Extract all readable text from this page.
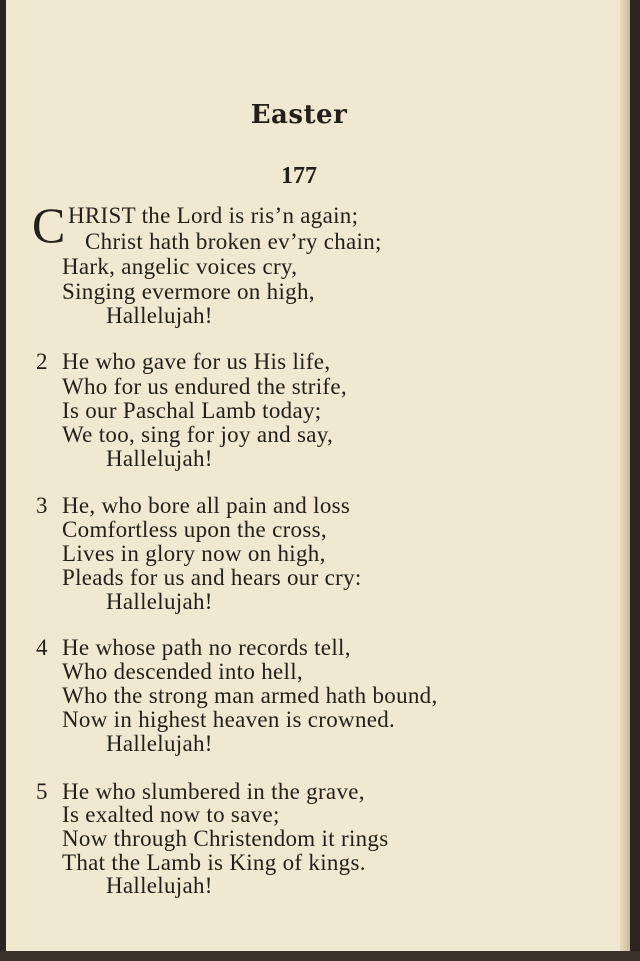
Easter
177
C HRIST the Lord is ris’n again;
Christ hath broken ev’ry chain;
Hark, angelic voices cry,
Singing evermore on high,
Hallelujah!
2 He who gave for us His life,
Who for us endured the strife,
Is our Paschal Lamb today;
We too, sing for joy and say,
Hallelujah!
3 He, who bore all pain and loss
Comfortless upon the cross,
Lives in glory now on high,
Pleads for us and hears our cry:
Hallelujah!
4 He whose path no records tell,
Who descended into hell,
Who the strong man armed hath bound,
Now in highest heaven is crowned.
Hallelujah!
5 He who slumbered in the grave,
Is exalted now to save;
Now through Christendom it rings
That the Lamb is King of kings.
Hallelujah!
